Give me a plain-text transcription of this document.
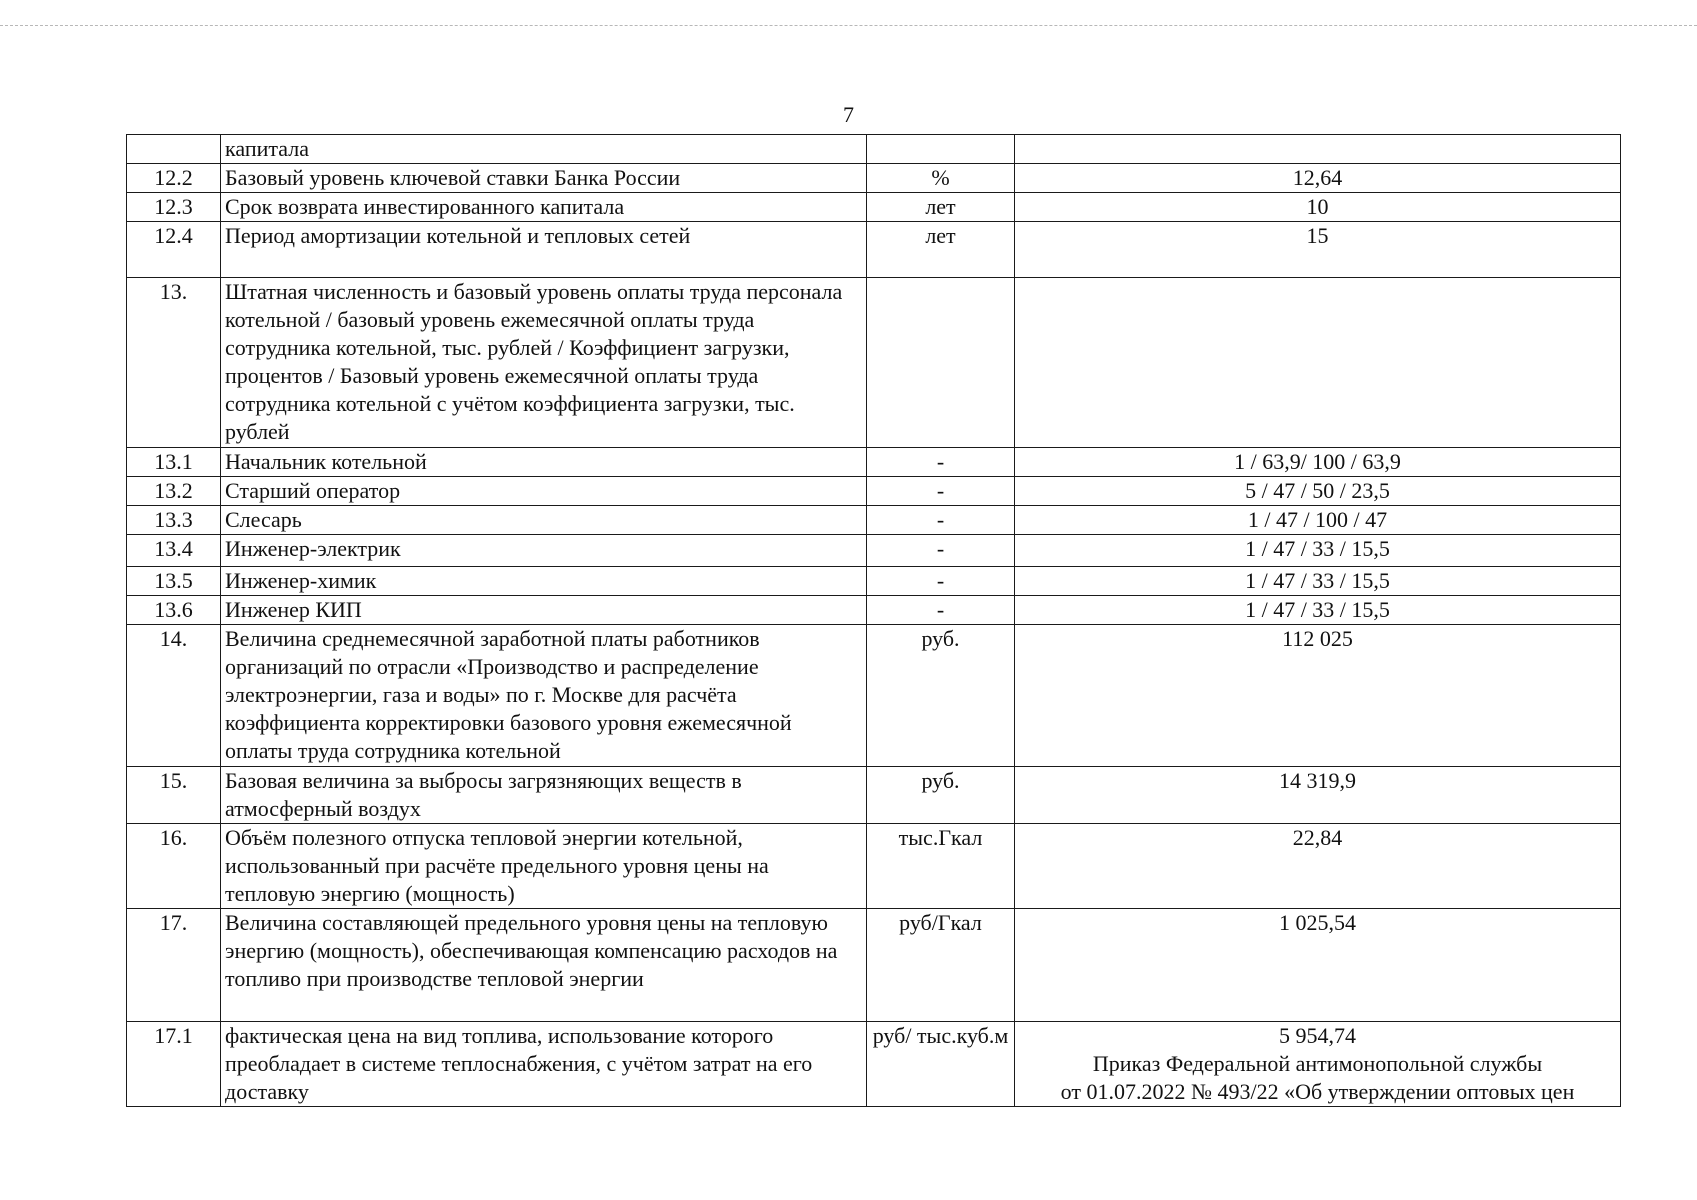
7
	капитала		

12.2	Базовый уровень ключевой ставки Банка России	%	12,64

12.3	Срок возврата инвестированного капитала	лет	10

12.4	Период амортизации котельной и тепловых сетей	лет	15

13.	Штатная численность и базовый уровень оплаты труда персонала котельной / базовый уровень ежемесячной оплаты труда сотрудника котельной, тыс. рублей / Коэффициент загрузки, процентов / Базовый уровень ежемесячной оплаты труда сотрудника котельной с учётом коэффициента загрузки, тыс. рублей		

13.1	Начальник котельной	-	1 / 63,9/ 100 / 63,9

13.2	Старший оператор	-	5 / 47 / 50 / 23,5

13.3	Слесарь	-	1 / 47 / 100 / 47

13.4	Инженер-электрик	-	1 / 47 / 33 / 15,5

13.5	Инженер-химик	-	1 / 47 / 33 / 15,5

13.6	Инженер КИП	-	1 / 47 / 33 / 15,5

14.	Величина среднемесячной заработной платы работников организаций по отрасли «Производство и распределение электроэнергии, газа и воды» по г. Москве для расчёта коэффициента корректировки базового уровня ежемесячной оплаты труда сотрудника котельной	руб.	112 025

15.	Базовая величина за выбросы загрязняющих веществ в атмосферный воздух	руб.	14 319,9

16.	Объём полезного отпуска тепловой энергии котельной, использованный при расчёте предельного уровня цены на тепловую энергию (мощность)	тыс.Гкал	22,84

17.	Величина составляющей предельного уровня цены на тепловую энергию (мощность), обеспечивающая компенсацию расходов на топливо при производстве тепловой энергии	руб/Гкал	1 025,54

17.1	фактическая цена на вид топлива, использование которого преобладает в системе теплоснабжения, с учётом затрат на его доставку	руб/ тыс.куб.м	5 954,74
Приказ Федеральной антимонопольной службы
от 01.07.2022 № 493/22 «Об утверждении оптовых цен
